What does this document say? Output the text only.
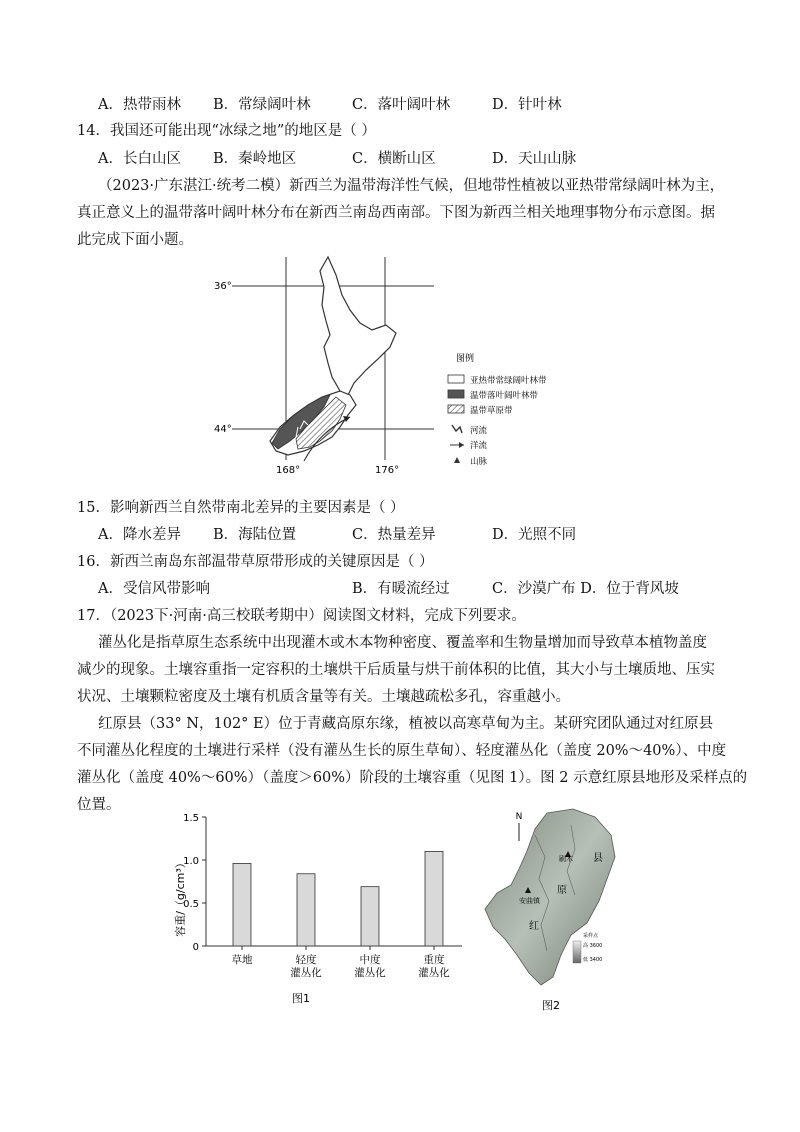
A．热带雨林 B．常绿阔叶林	C．落叶阔叶林	D．针叶林
14．我国还可能出现“冰绿之地”的地区是（ ）
A．长白山区 B．秦岭地区	C．横断山区	D．天山山脉
（2023·广东湛江·统考二模）新西兰为温带海洋性气候，但地带性植被以亚热带常绿阔叶林为主，
真正意义上的温带落叶阔叶林分布在新西兰南岛西南部。下图为新西兰相关地理事物分布示意图。据
此完成下面小题。
36°
44°
168°	176°
图例
亚热带常绿阔叶林带
温带落叶阔叶林带
温带草原带
河流
洋流
山脉
15．影响新西兰自然带南北差异的主要因素是（ ）
A．降水差异 B．海陆位置	C．热量差异	D．光照不同
16．新西兰南岛东部温带草原带形成的关键原因是（ ）
A．受信风带影响	B．有暖流经过	C．沙漠广布 D．位于背风坡
17．（2023下·河南·高三校联考期中）阅读图文材料，完成下列要求。
灌丛化是指草原生态系统中出现灌木或木本物种密度、覆盖率和生物量增加而导致草本植物盖度
减少的现象。土壤容重指一定容积的土壤烘干后质量与烘干前体积的比值，其大小与土壤质地、压实
状况、土壤颗粒密度及土壤有机质含量等有关。土壤越疏松多孔，容重越小。
红原县（33° N，102° E）位于青藏高原东缘，植被以高寒草甸为主。某研究团队通过对红原县
不同灌丛化程度的土壤进行采样（没有灌丛生长的原生草甸）、轻度灌丛化（盖度 20%～40%）、中度
灌丛化（盖度 40%～60%）（盖度＞60%）阶段的土壤容重（见图 1）。图 2 示意红原县地形及采样点的
位置。
容重/（g/cm³）
图1
0
0.5
1.0
1.5
草地	轻度
灌丛化
中度
灌丛化
重度
灌丛化
N
县
原
红
刷木
安曲镇
采样点
高 3600
低 3400
图2
